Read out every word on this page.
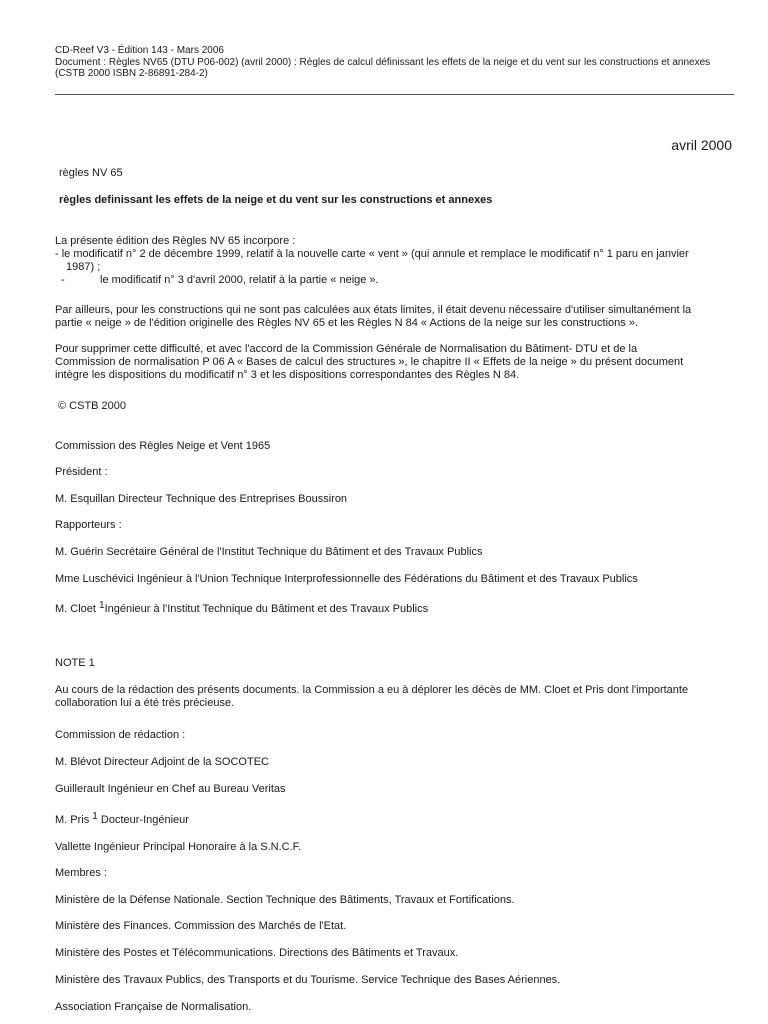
CD-Reef V3 - Édition 143 - Mars 2006
Document : Règles NV65 (DTU P06-002) (avril 2000) : Règles de calcul définissant les effets de la neige et du vent sur les constructions et annexes
(CSTB 2000 ISBN 2-86891-284-2)
avril 2000
règles NV 65
règles definissant les effets de la neige et du vent sur les constructions et annexes
La présente édition des Règles NV 65 incorpore :
- le modificatif n° 2 de décembre 1999, relatif à la nouvelle carte « vent » (qui annule et remplace le modificatif n° 1 paru en janvier
1987) ;
-	le modificatif n° 3 d'avril 2000, relatif à la partie « neige ».
Par ailleurs, pour les constructions qui ne sont pas calculées aux états limites, il était devenu nécessaire d'utiliser simultanément la
partie « neige » de l'édition originelle des Règles NV 65 et les Règles N 84 « Actions de la neige sur les constructions ».
Pour supprimer cette difficulté, et avec l'accord de la Commission Générale de Normalisation du Bâtiment- DTU et de la
Commission de normalisation P 06 A « Bases de calcul des structures », le chapitre II « Effets de la neige » du présent document
intègre les dispositions du modificatif n° 3 et les dispositions correspondantes des Règles N 84.
© CSTB 2000
Commission des Règles Neige et Vent 1965
Président :
M. Esquillan Directeur Technique des Entreprises Boussiron
Rapporteurs :
M. Guérin Secrétaire Général de l'Institut Technique du Bâtiment et des Travaux Publics
Mme Luschévici Ingénieur à l'Union Technique Interprofessionnelle des Fédérations du Bâtiment et des Travaux Publics
M. Cloet $^1$Ingénieur à l'Institut Technique du Bâtiment et des Travaux Publics
NOTE 1
Au cours de la rédaction des présents documents. la Commission a eu à déplorer les décès de MM. Cloet et Pris dont l'importante
collaboration lui a été très précieuse.
Commission de rédaction :
M. Blévot Directeur Adjoint de la SOCOTEC
Guillerault Ingénieur en Chef au Bureau Veritas
M. Pris $^1$ Docteur-Ingénieur
Vallette Ingénieur Principal Honoraire à la S.N.C.F.
Membres :
Ministère de la Défense Nationale. Section Technique des Bâtiments, Travaux et Fortifications.
Ministère des Finances. Commission des Marchés de l'Etat.
Ministère des Postes et Télécommunications. Directions des Bâtiments et Travaux.
Ministère des Travaux Publics, des Transports et du Tourisme. Service Technique des Bases Aériennes.
Association Française de Normalisation.
